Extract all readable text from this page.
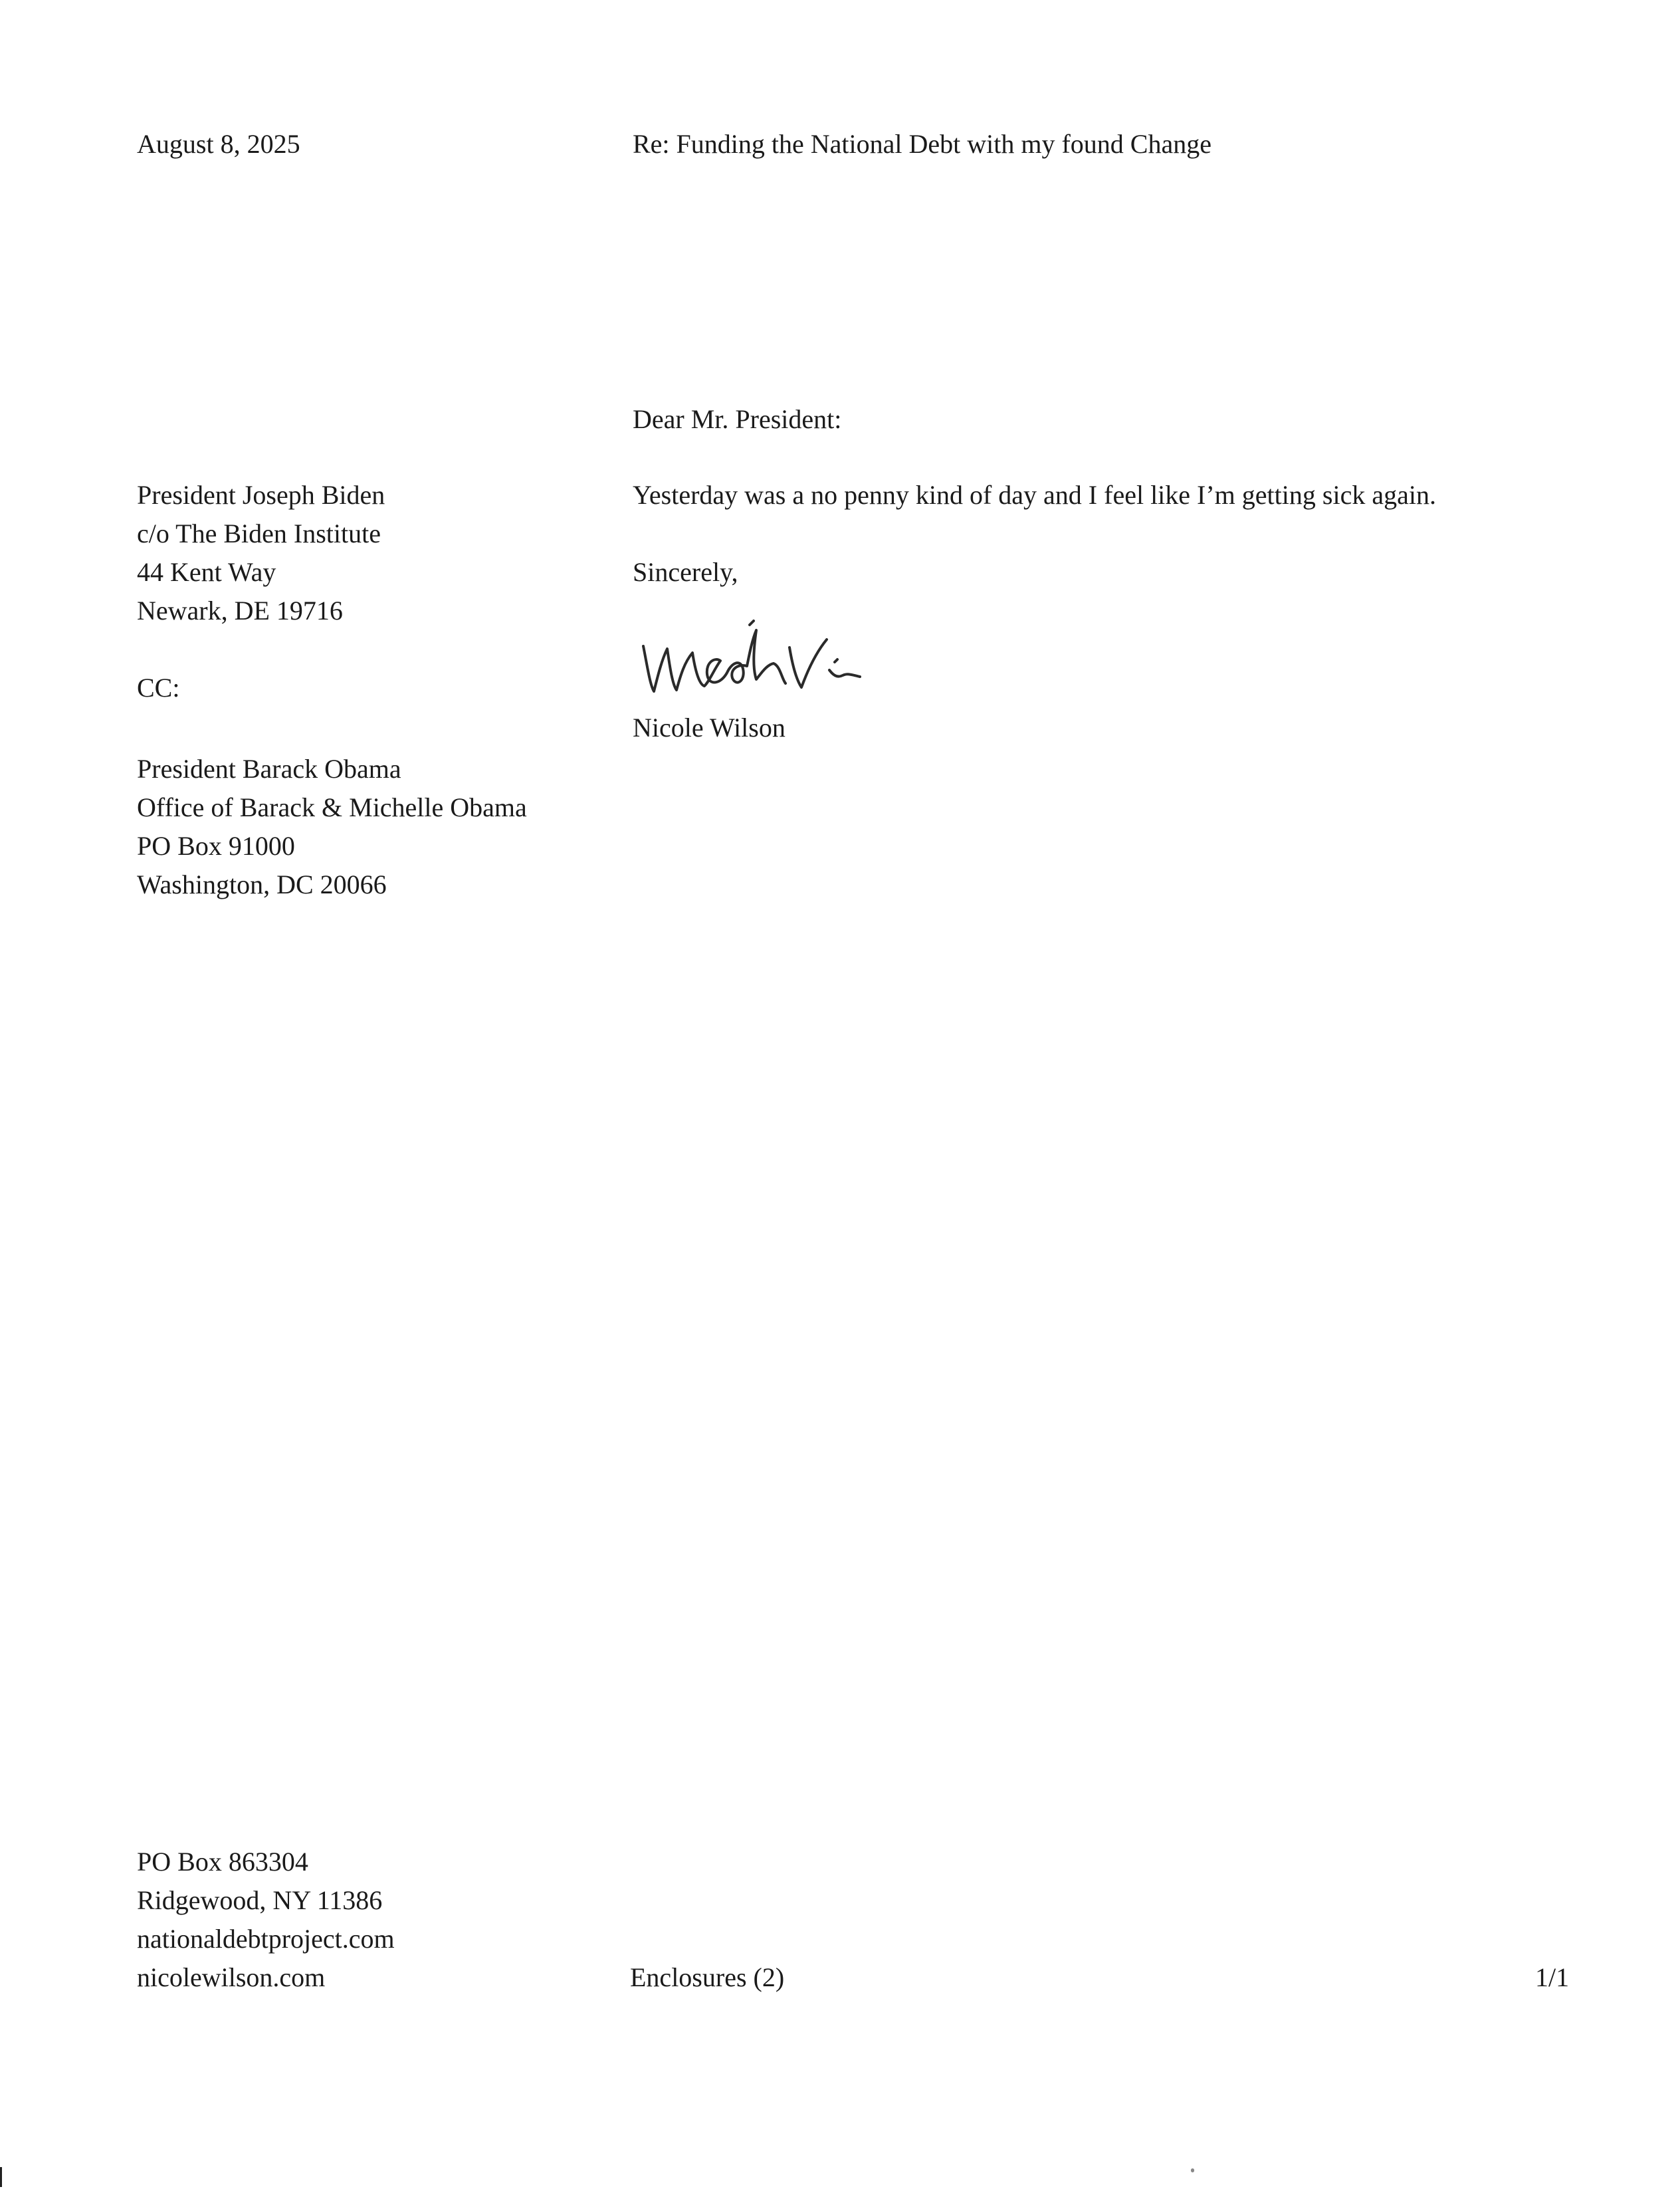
August 8, 2025	Re: Funding the National Debt with my found Change
Dear Mr. President:
President Joseph Biden
c/o The Biden Institute
44 Kent Way
Newark, DE 19716
Yesterday was a no penny kind of day and I feel like I’m getting sick again.
Sincerely,
Nicole Wilson
CC:
President Barack Obama
Office of Barack & Michelle Obama
PO Box 91000
Washington, DC 20066
PO Box 863304
Ridgewood, NY 11386
nationaldebtproject.com
nicolewilson.com	Enclosures (2)	1/1
